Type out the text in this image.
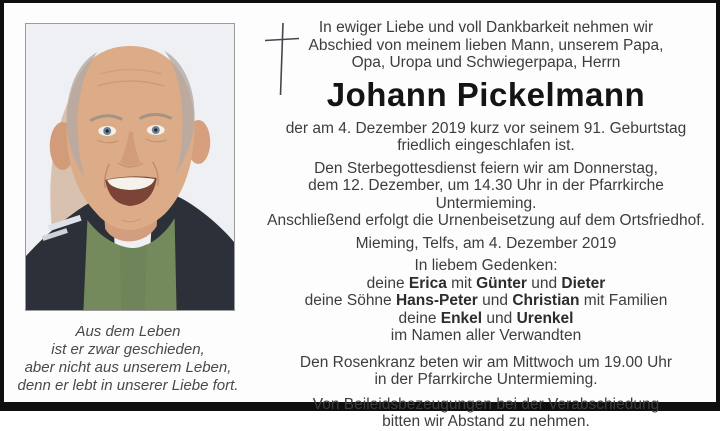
Aus dem Leben
ist er zwar geschieden,
aber nicht aus unserem Leben,
denn er lebt in unserer Liebe fort.
In ewiger Liebe und voll Dankbarkeit nehmen wir
Abschied von meinem lieben Mann, unserem Papa,
Opa, Uropa und Schwiegerpapa, Herrn
Johann Pickelmann
der am 4. Dezember 2019 kurz vor seinem 91. Geburtstag
friedlich eingeschlafen ist.
Den Sterbegottesdienst feiern wir am Donnerstag,
dem 12. Dezember, um 14.30 Uhr in der Pfarrkirche Untermieming.
Anschließend erfolgt die Urnenbeisetzung auf dem Ortsfriedhof.
Mieming, Telfs, am 4. Dezember 2019
In liebem Gedenken:
deine Erica mit Günter und Dieter
deine Söhne Hans-Peter und Christian mit Familien
deine Enkel und Urenkel
im Namen aller Verwandten
Den Rosenkranz beten wir am Mittwoch um 19.00 Uhr
in der Pfarrkirche Untermieming.
Von Beileidsbezeugungen bei der Verabschiedung
bitten wir Abstand zu nehmen.
